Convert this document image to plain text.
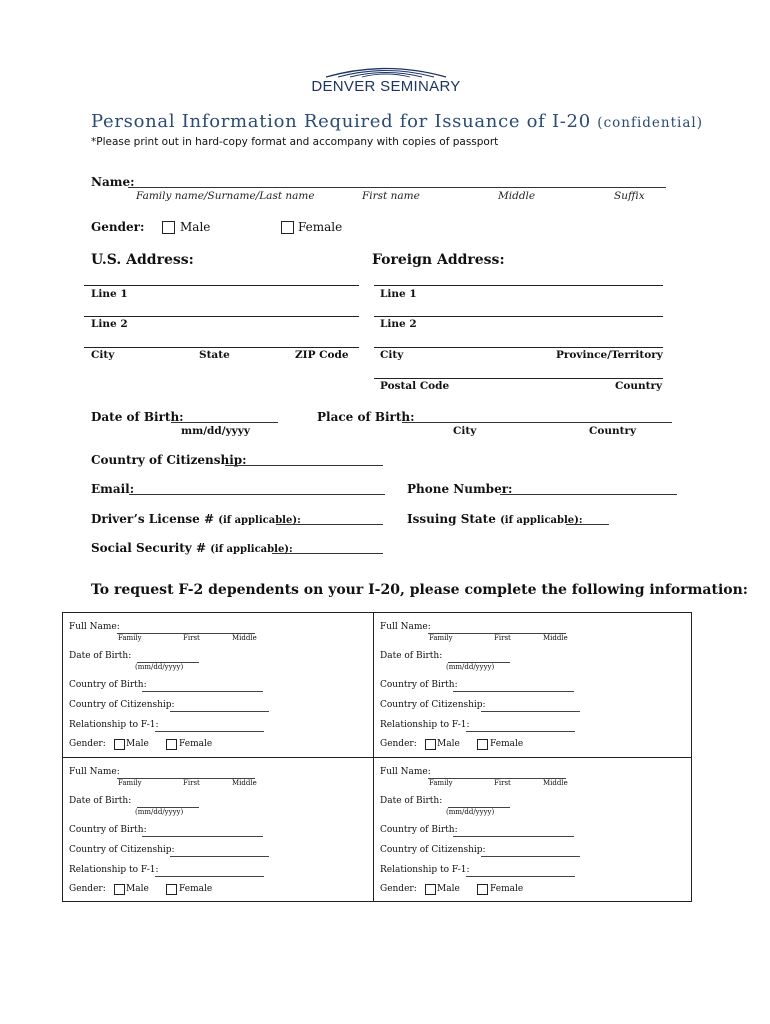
DENVER SEMINARY
Personal Information Required for Issuance of I-20 (confidential)
*Please print out in hard-copy format and accompany with copies of passport
Name:
Family name/Surname/Last name	First name	Middle	Suffix
Gender:	Male	Female
U.S. Address:	Foreign Address:
Line 1
Line 2
City	State	ZIP Code
Line 1
Line 2
City	Province/Territory
Postal Code	Country
Date of Birth:
mm/dd/yyyy
Place of Birth:
City	Country
Country of Citizenship:
Email:	Phone Number:
Driver’s License # (if applicable):	Issuing State (if applicable):
Social Security # (if applicable):
To request F-2 dependents on your I-20, please complete the following information:
Full Name:
Family	First	Middle
Date of Birth:
(mm/dd/yyyy)
Country of Birth:
Country of Citizenship:
Relationship to F-1:
Gender: Male	Female
Full Name:
Family	First	Middle
Date of Birth:
(mm/dd/yyyy)
Country of Birth:
Country of Citizenship:
Relationship to F-1:
Gender: Male	Female
Full Name:
Family	First	Middle
Date of Birth:
(mm/dd/yyyy)
Country of Birth:
Country of Citizenship:
Relationship to F-1:
Gender: Male	Female
Full Name:
Family	First	Middle
Date of Birth:
(mm/dd/yyyy)
Country of Birth:
Country of Citizenship:
Relationship to F-1:
Gender: Male	Female
